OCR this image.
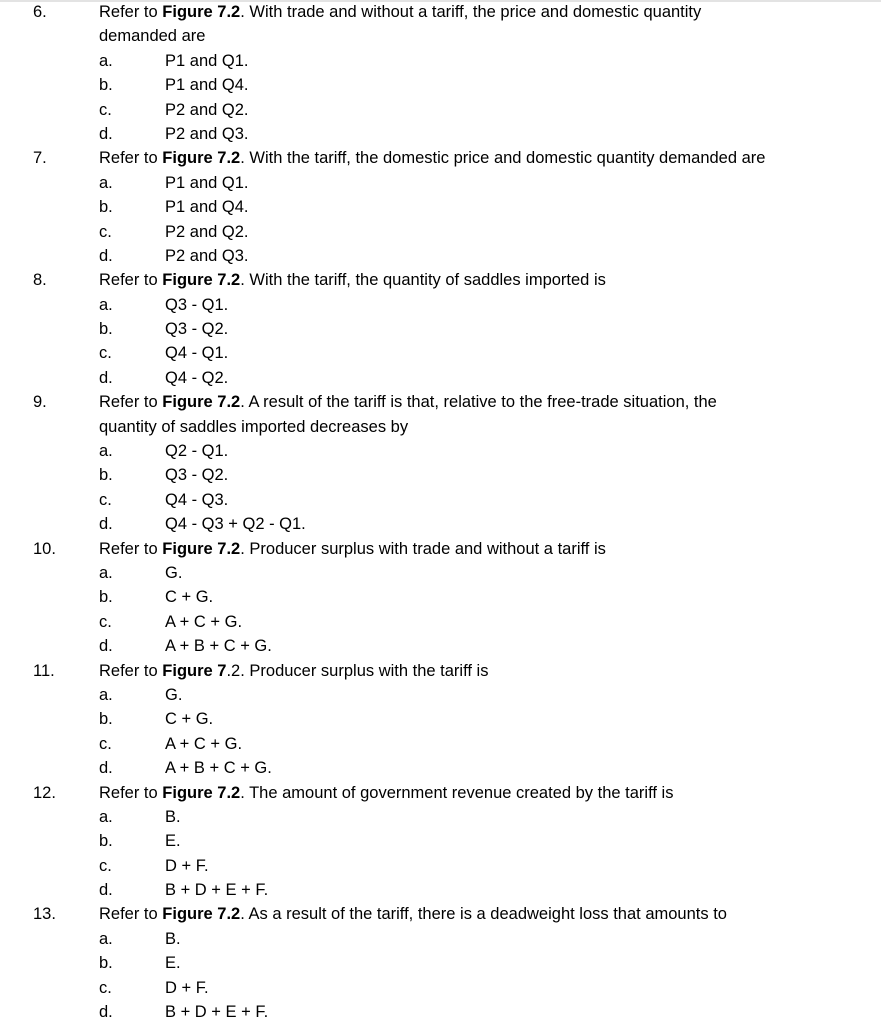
6.	Refer to Figure 7.2. With trade and without a tariff, the price and domestic quantity
demanded are
a.	P1 and Q1.
b.	P1 and Q4.
c.	P2 and Q2.
d.	P2 and Q3.
7.	Refer to Figure 7.2. With the tariff, the domestic price and domestic quantity demanded are
a.	P1 and Q1.
b.	P1 and Q4.
c.	P2 and Q2.
d.	P2 and Q3.
8.	Refer to Figure 7.2. With the tariff, the quantity of saddles imported is
a.	Q3 - Q1.
b.	Q3 - Q2.
c.	Q4 - Q1.
d.	Q4 - Q2.
9.	Refer to Figure 7.2. A result of the tariff is that, relative to the free-trade situation, the
quantity of saddles imported decreases by
a.	Q2 - Q1.
b.	Q3 - Q2.
c.	Q4 - Q3.
d.	Q4 - Q3 + Q2 - Q1.
10.	Refer to Figure 7.2. Producer surplus with trade and without a tariff is
a.	G.
b.	C + G.
c.	A + C + G.
d.	A + B + C + G.
11.	Refer to Figure 7.2. Producer surplus with the tariff is
a.	G.
b.	C + G.
c.	A + C + G.
d.	A + B + C + G.
12.	Refer to Figure 7.2. The amount of government revenue created by the tariff is
a.	B.
b.	E.
c.	D + F.
d.	B + D + E + F.
13.	Refer to Figure 7.2. As a result of the tariff, there is a deadweight loss that amounts to
a.	B.
b.	E.
c.	D + F.
d.	B + D + E + F.
